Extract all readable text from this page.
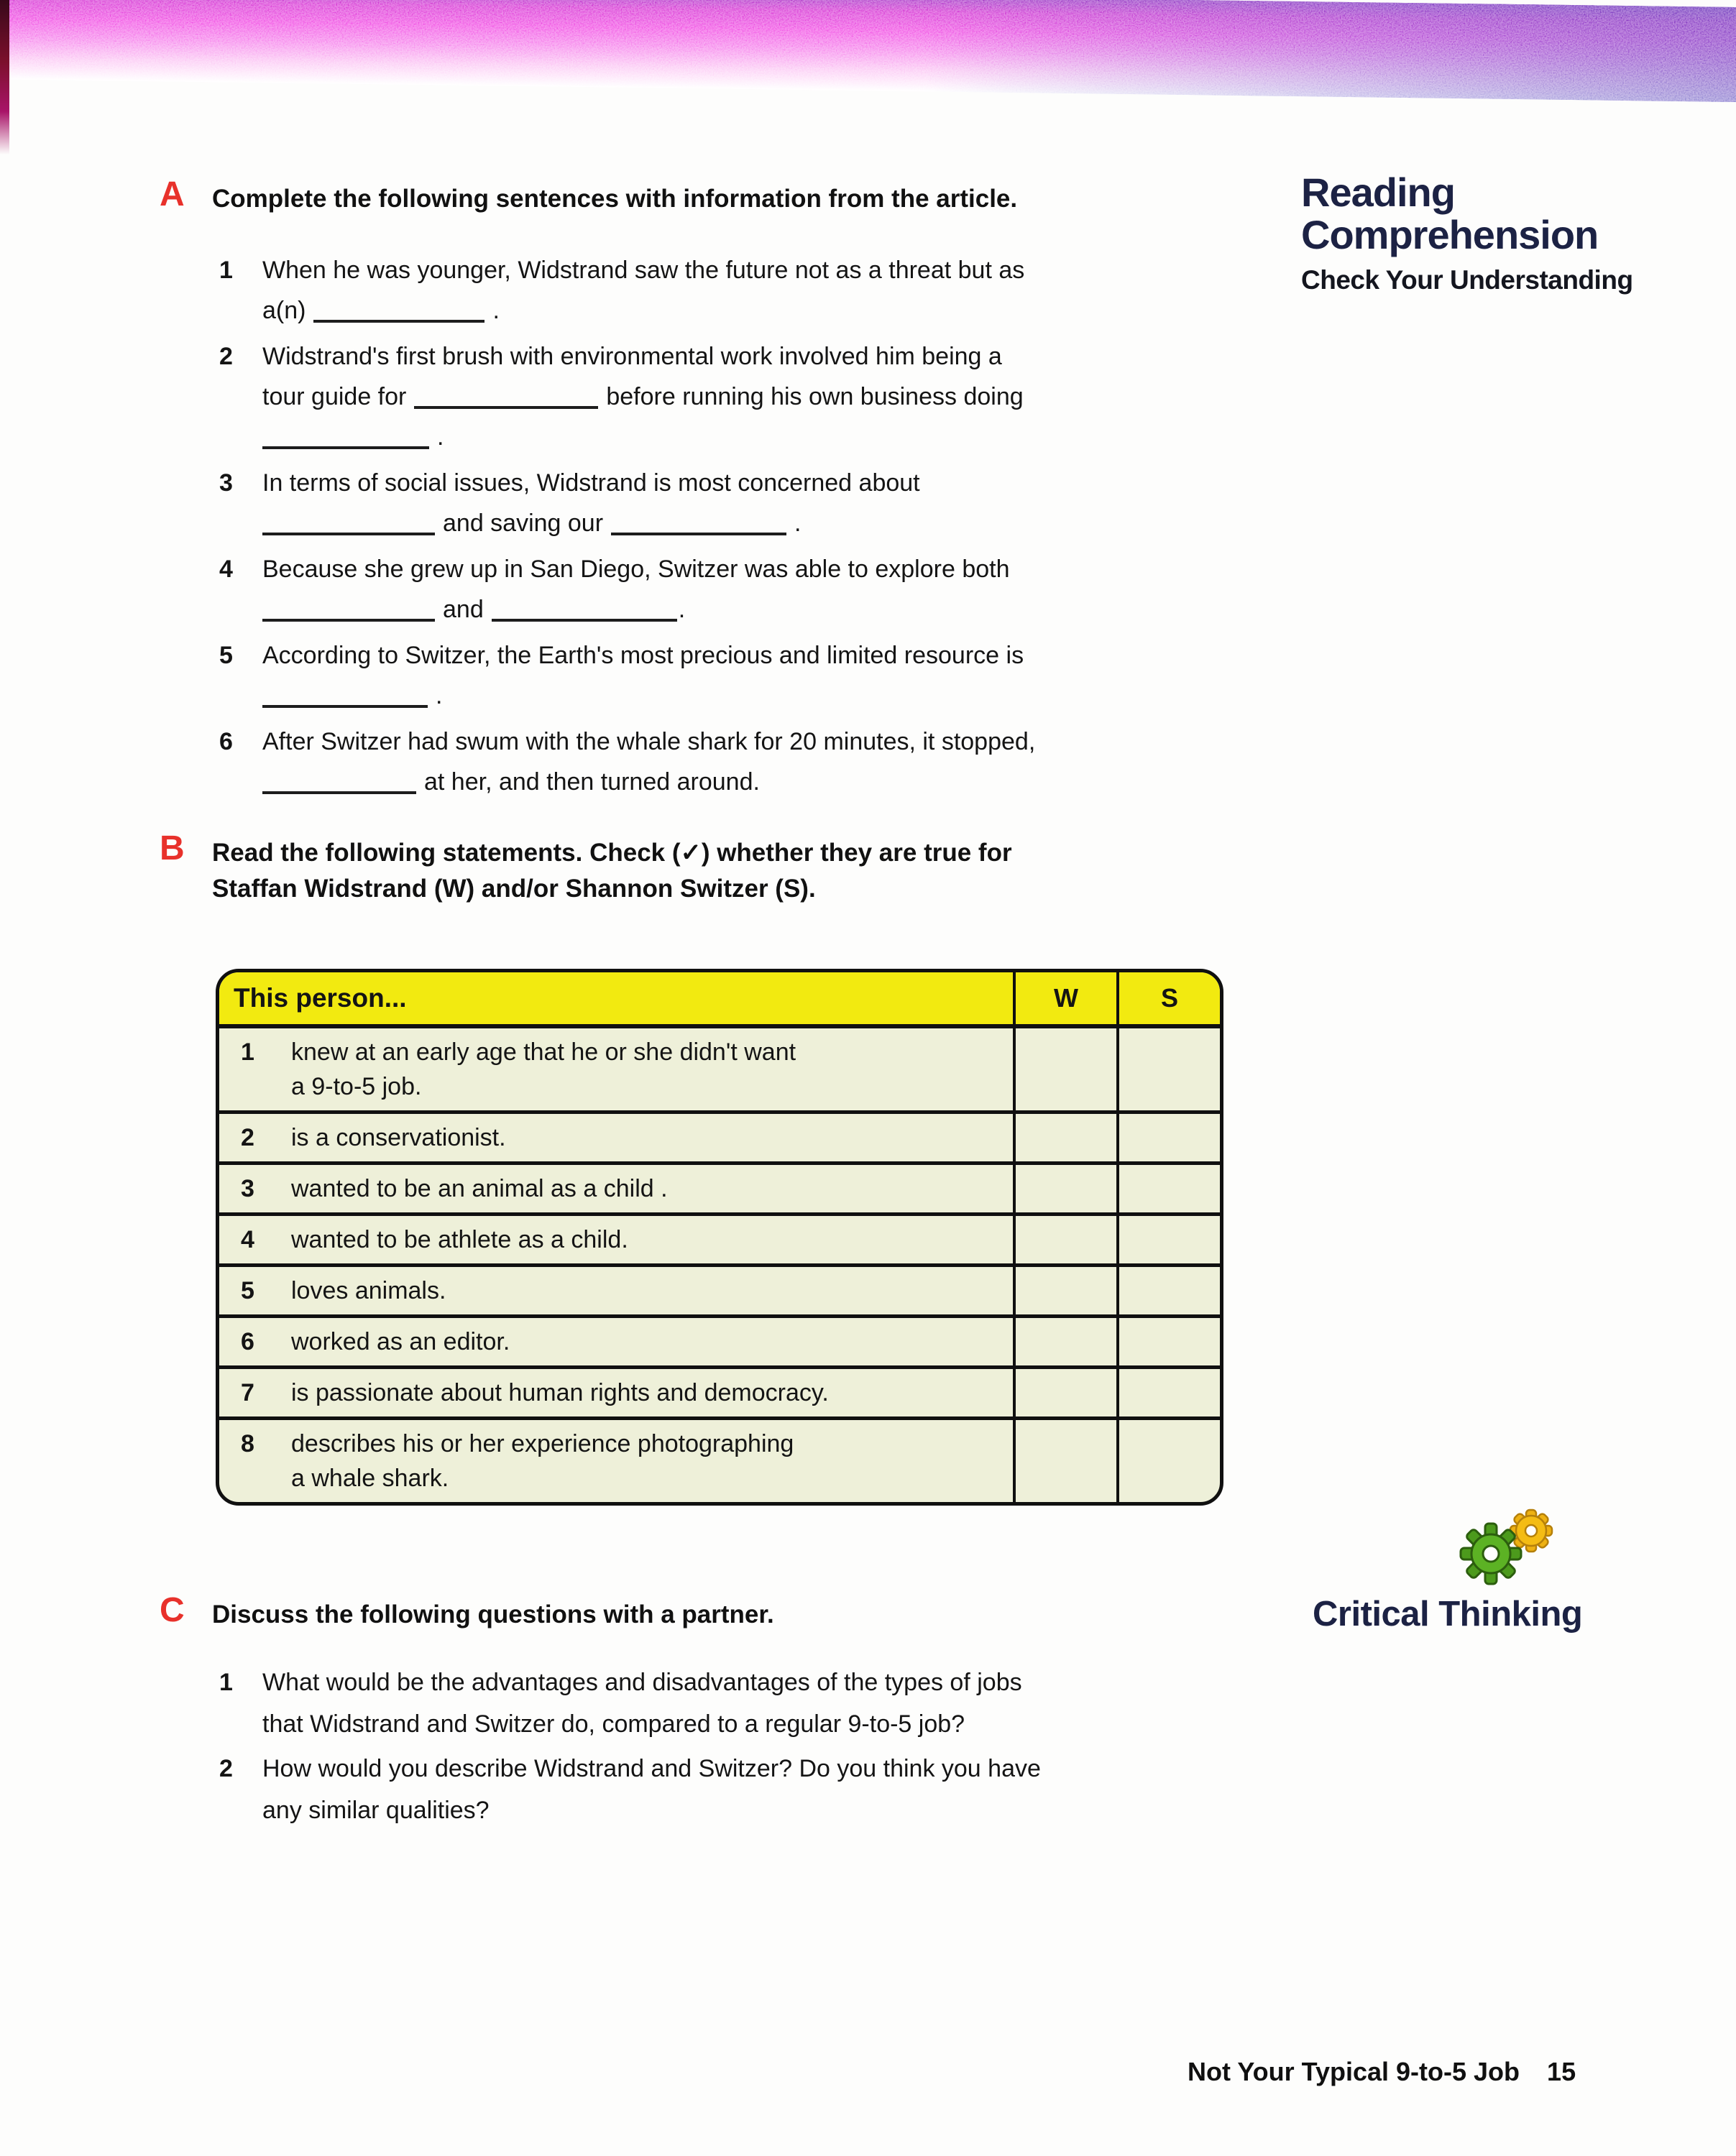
A Complete the following sentences with information from the article.
1	When he was younger, Widstrand saw the future not as a threat but as
a(n)	.
2	Widstrand's first brush with environmental work involved him being a
tour guide for	before running his own business doing
.
3	In terms of social issues, Widstrand is most concerned about
and saving our	.
4	Because she grew up in San Diego, Switzer was able to explore both
and	.
5	According to Switzer, the Earth's most precious and limited resource is
.
6	After Switzer had swum with the whale shark for 20 minutes, it stopped,
at her, and then turned around.
Reading
Comprehension
Check Your Understanding
B Read the following statements. Check (✓) whether they are true for
Staffan Widstrand (W) and/or Shannon Switzer (S).
This person...	W	S
1	knew at an early age that he or she didn't want
a 9-to-5 job.
2	is a conservationist.
3	wanted to be an animal as a child .
4	wanted to be athlete as a child.
5	loves animals.
6	worked as an editor.
7	is passionate about human rights and democracy.
8	describes his or her experience photographing
a whale shark.
Critical Thinking
C Discuss the following questions with a partner.
1	What would be the advantages and disadvantages of the types of jobs
that Widstrand and Switzer do, compared to a regular 9-to-5 job?
2	How would you describe Widstrand and Switzer? Do you think you have
any similar qualities?
Not Your Typical 9-to-5 Job 15
